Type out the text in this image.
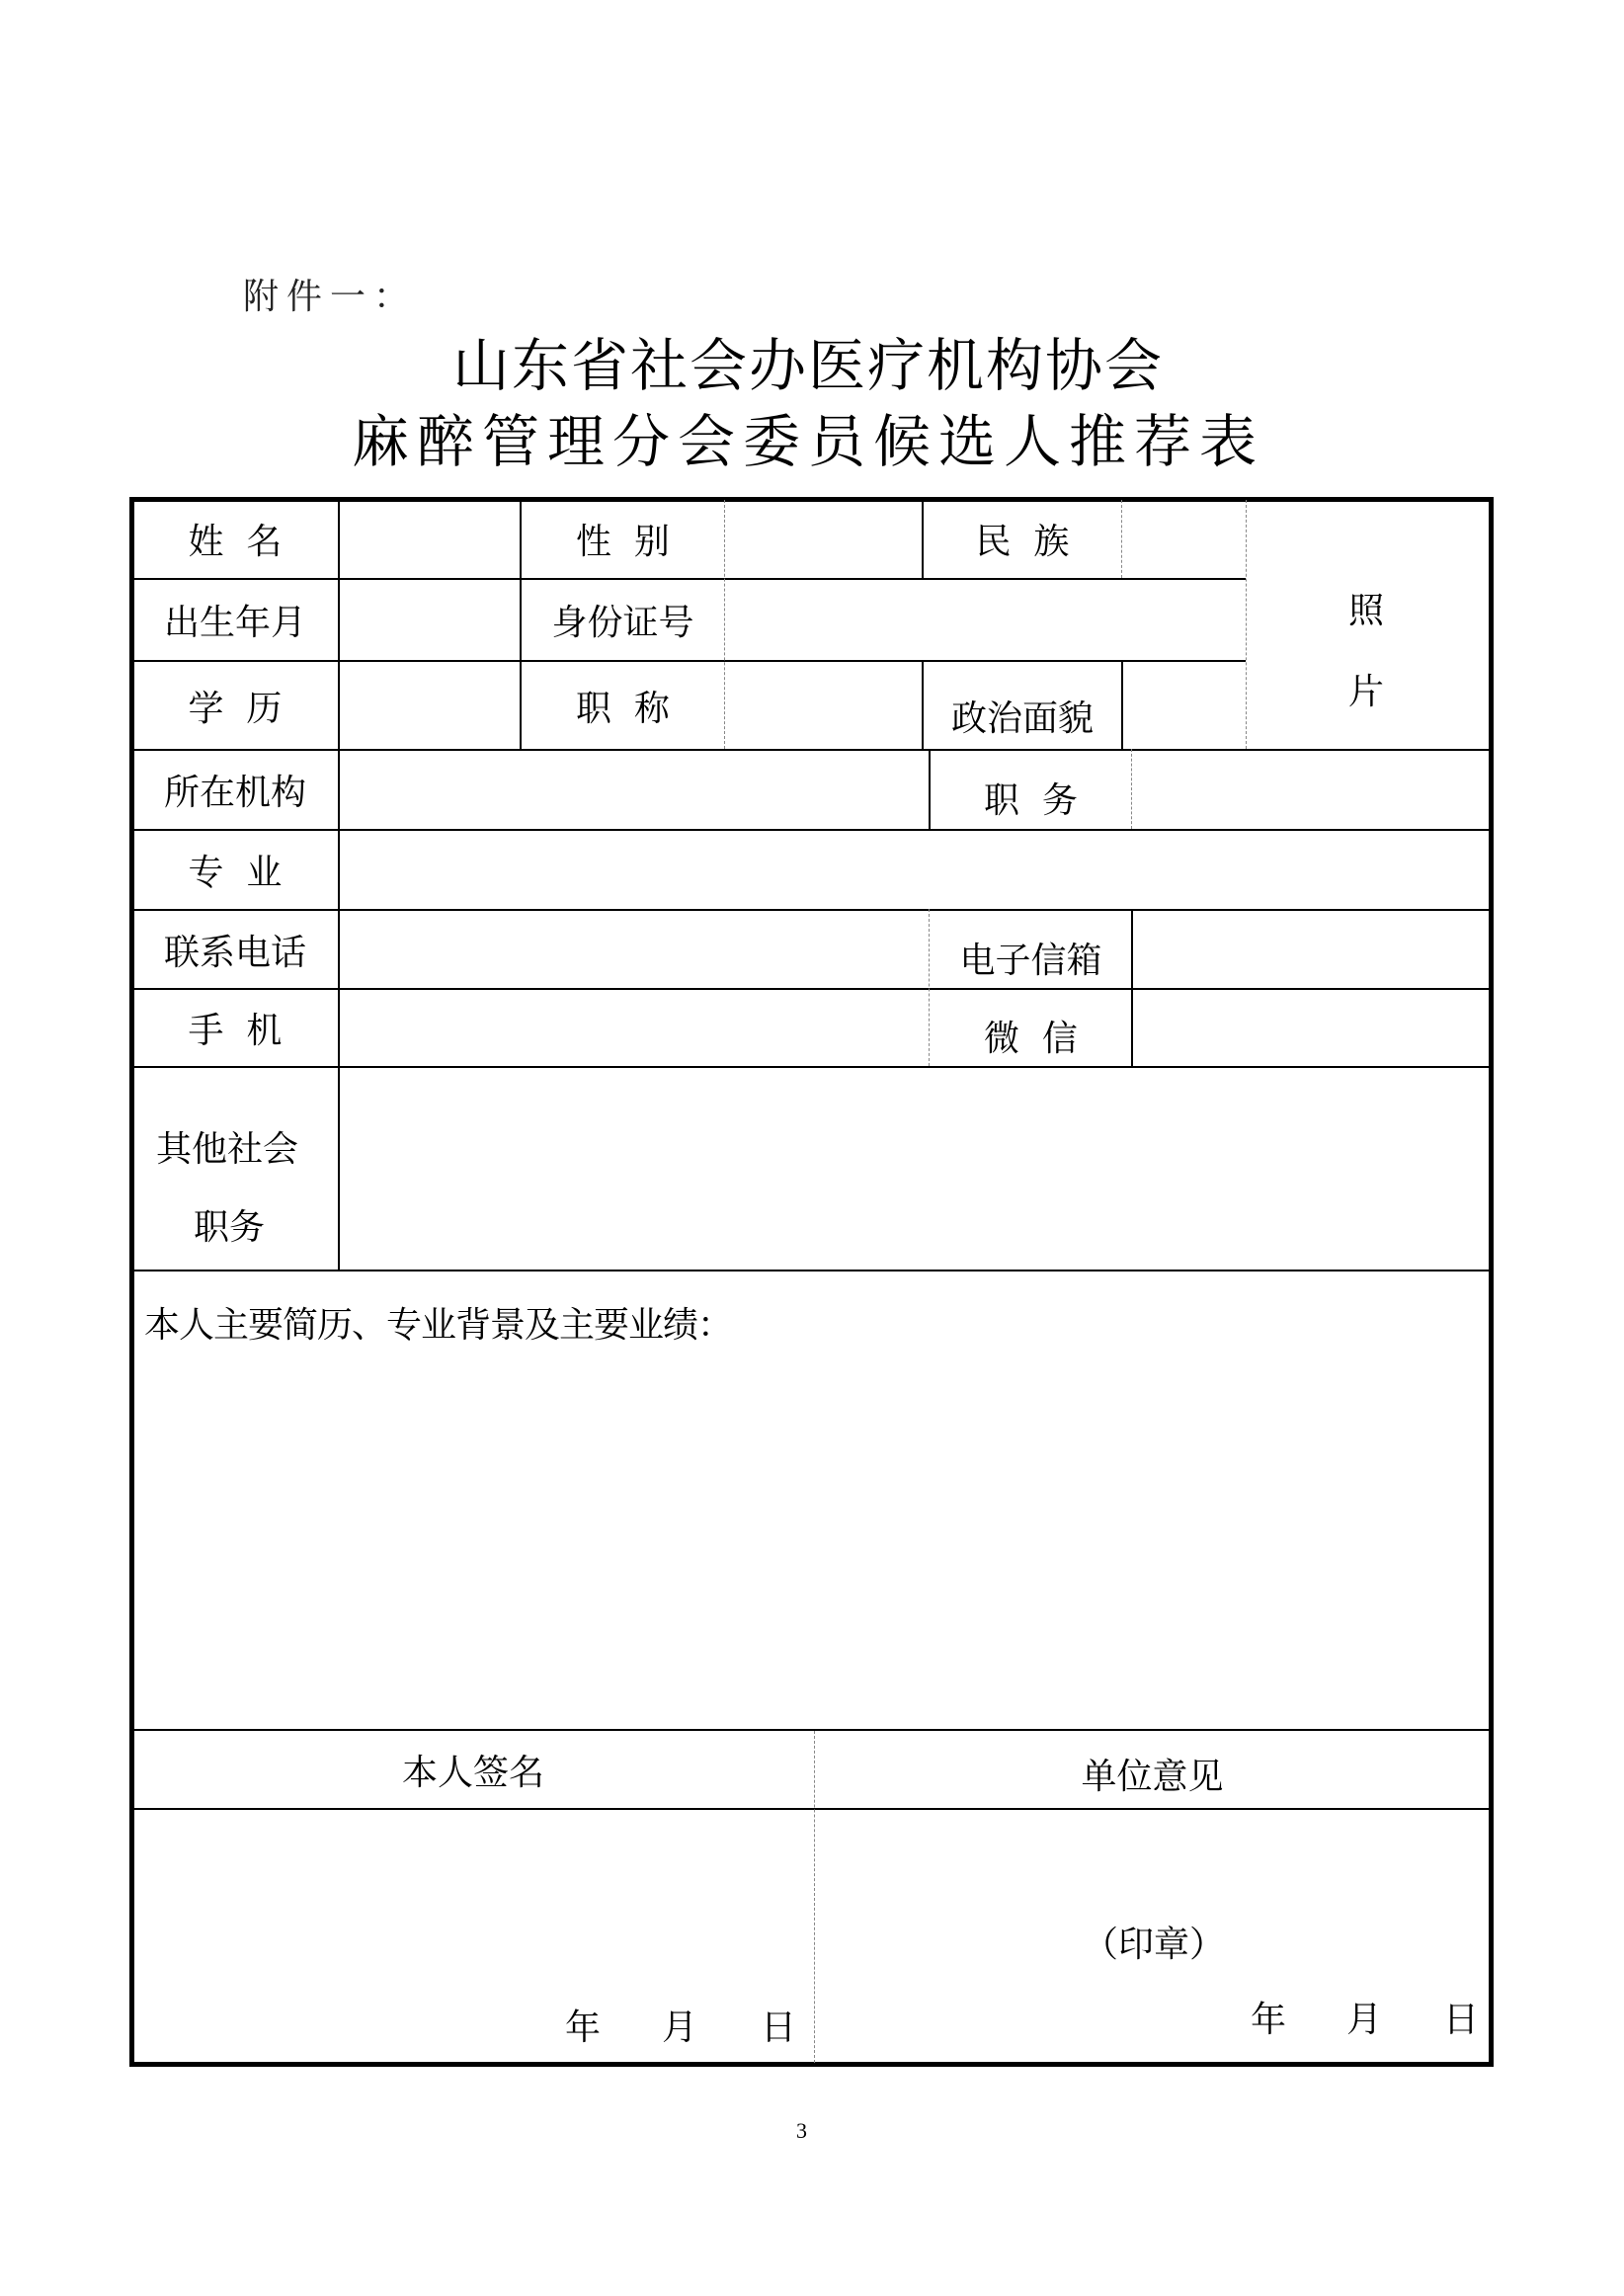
附件一：
山东省社会办医疗机构协会
麻醉管理分会委员候选人推荐表
姓  名	性  别	民  族
照
片
出生年月	身份证号
学  历	职  称	政治面貌
所在机构	职  务
专  业
联系电话	电子信箱
手  机	微  信
其他社会
职务
本人主要简历、专业背景及主要业绩：
本人签名	单位意见
年 月 日
（印章）
年 月 日
3
